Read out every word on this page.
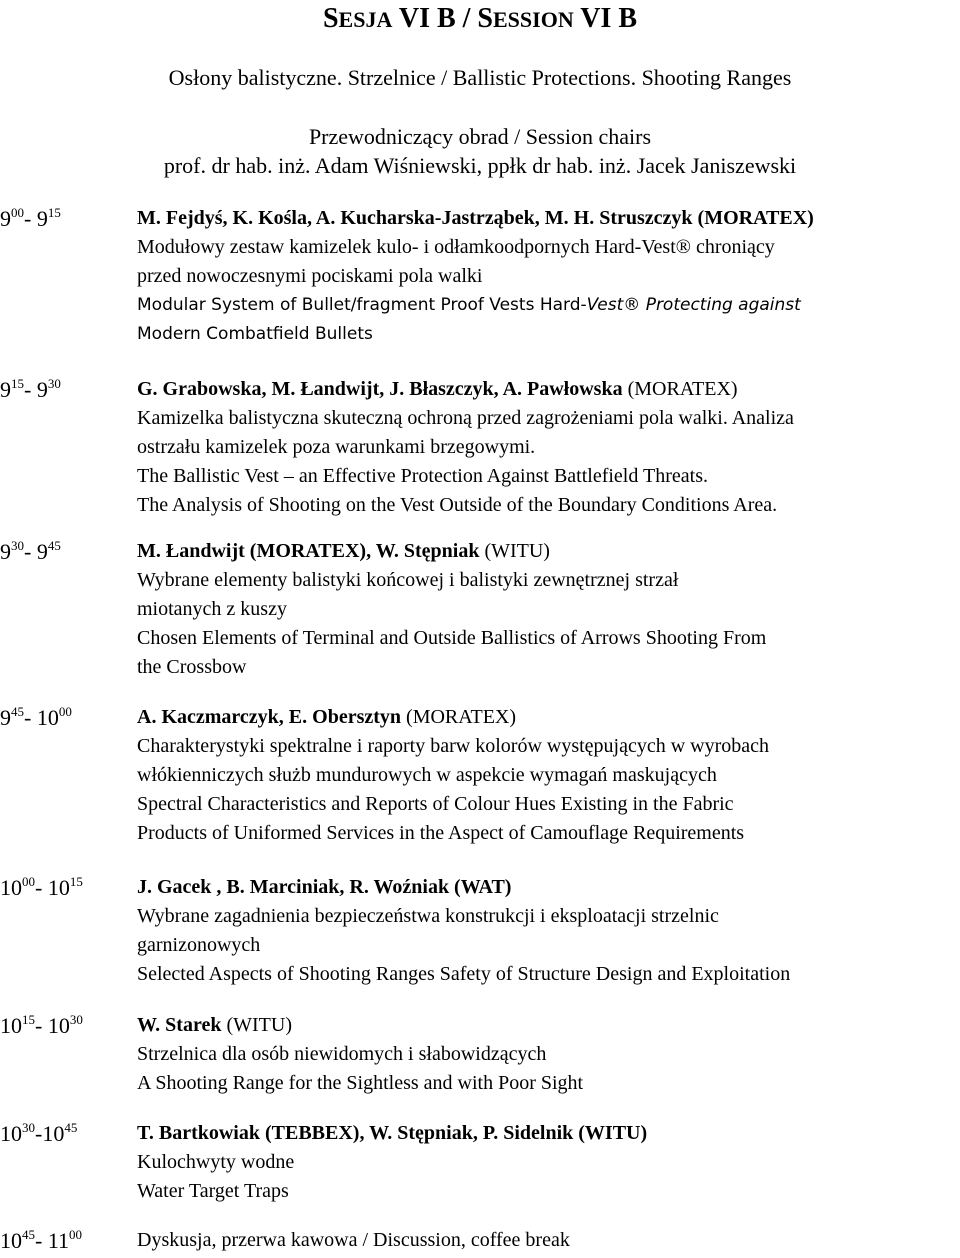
SESJA VI B / SESSION VI B
Osłony balistyczne. Strzelnice / Ballistic Protections. Shooting Ranges
Przewodniczący obrad / Session chairs
prof. dr hab. inż. Adam Wiśniewski, ppłk dr hab. inż. Jacek Janiszewski
$9^{00}-$ $9^{15}$	M. Fejdyś, K. Kośla, A. Kucharska-Jastrząbek, M. H. Struszczyk (MORATEX)
Modułowy zestaw kamizelek kulo- i odłamkoodpornych Hard-Vest® chroniący
przed nowoczesnymi pociskami pola walki
Modular System of Bullet/fragment Proof Vests Hard-Vest® Protecting against
Modern Combatfield Bullets
$9^{15}-$ $9^{30}$	G. Grabowska, M. Łandwijt, J. Błaszczyk, A. Pawłowska (MORATEX)
Kamizelka balistyczna skuteczną ochroną przed zagrożeniami pola walki. Analiza
ostrzału kamizelek poza warunkami brzegowymi.
The Ballistic Vest – an Effective Protection Against Battlefield Threats.
The Analysis of Shooting on the Vest Outside of the Boundary Conditions Area.
$9^{30}-$ $9^{45}$	M. Łandwijt (MORATEX), W. Stępniak (WITU)
Wybrane elementy balistyki końcowej i balistyki zewnętrznej strzał
miotanych z kuszy
Chosen Elements of Terminal and Outside Ballistics of Arrows Shooting From
the Crossbow
$9^{45}-$ $10^{00}$	A. Kaczmarczyk, E. Obersztyn (MORATEX)
Charakterystyki spektralne i raporty barw kolorów występujących w wyrobach
włókienniczych służb mundurowych w aspekcie wymagań maskujących
Spectral Characteristics and Reports of Colour Hues Existing in the Fabric
Products of Uniformed Services in the Aspect of Camouflage Requirements
$10^{00}-$ $10^{15}$	J. Gacek , B. Marciniak, R. Woźniak (WAT)
Wybrane zagadnienia bezpieczeństwa konstrukcji i eksploatacji strzelnic
garnizonowych
Selected Aspects of Shooting Ranges Safety of Structure Design and Exploitation
$10^{15}-$ $10^{30}$	W. Starek (WITU)
Strzelnica dla osób niewidomych i słabowidzących
A Shooting Range for the Sightless and with Poor Sight
$10^{30}-10^{45}$	T. Bartkowiak (TEBBEX), W. Stępniak, P. Sidelnik (WITU)
Kulochwyty wodne
Water Target Traps
$10^{45}-$ $11^{00}$	Dyskusja, przerwa kawowa / Discussion, coffee break
